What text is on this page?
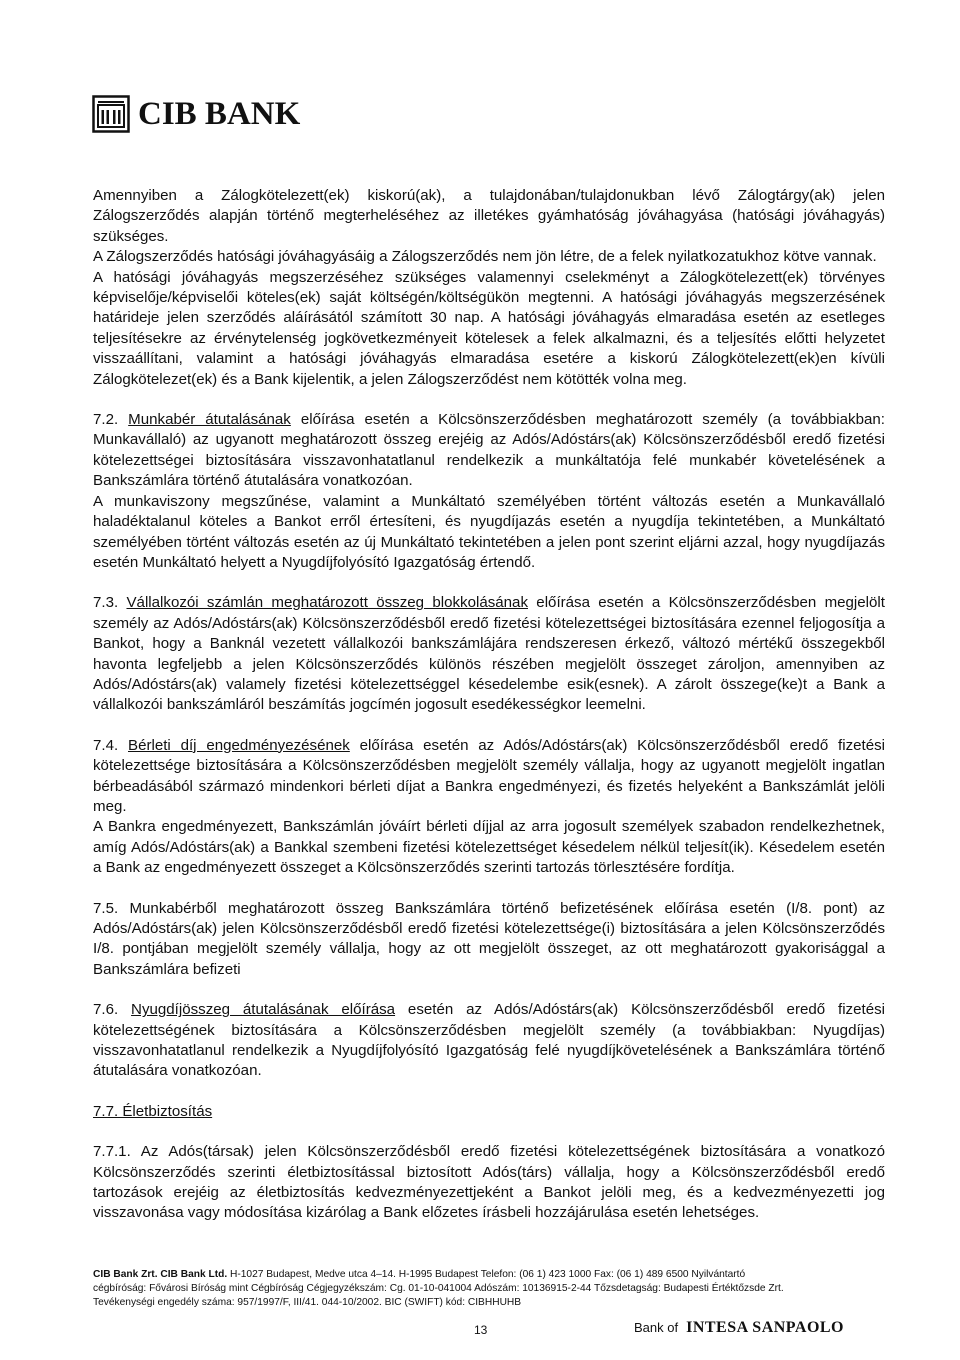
CIB BANK

Amennyiben a Zálogkötelezett(ek) kiskorú(ak), a tulajdonában/tulajdonukban lévő Zálogtárgy(ak) jelen Zálogszerződés alapján történő megterheléséhez az illetékes gyámhatóság jóváhagyása (hatósági jóváhagyás) szükséges.

A Zálogszerződés hatósági jóváhagyásáig a Zálogszerződés nem jön létre, de a felek nyilatkozatukhoz kötve vannak.

A hatósági jóváhagyás megszerzéséhez szükséges valamennyi cselekményt a Zálogkötelezett(ek) törvényes képviselője/képviselői köteles(ek) saját költségén/költségükön megtenni. A hatósági jóváhagyás megszerzésének határideje jelen szerződés aláírásától számított 30 nap. A hatósági jóváhagyás elmaradása esetén az esetleges teljesítésekre az érvénytelenség jogkövetkezményeit kötelesek a felek alkalmazni, és a teljesítés előtti helyzetet visszaállítani, valamint a hatósági jóváhagyás elmaradása esetére a kiskorú Zálogkötelezett(ek)en kívüli Zálogkötelezet(ek) és a Bank kijelentik, a jelen Zálogszerződést nem kötötték volna meg.

7.2. Munkabér átutalásának előírása esetén a Kölcsönszerződésben meghatározott személy (a továbbiakban: Munkavállaló) az ugyanott meghatározott összeg erejéig az Adós/Adóstárs(ak) Kölcsönszerződésből eredő fizetési kötelezettségei biztosítására visszavonhatatlanul rendelkezik a munkáltatója felé munkabér követelésének a Bankszámlára történő átutalására vonatkozóan.

A munkaviszony megszűnése, valamint a Munkáltató személyében történt változás esetén a Munkavállaló haladéktalanul köteles a Bankot erről értesíteni, és nyugdíjazás esetén a nyugdíja tekintetében, a Munkáltató személyében történt változás esetén az új Munkáltató tekintetében a jelen pont szerint eljárni azzal, hogy nyugdíjazás esetén Munkáltató helyett a Nyugdíjfolyósító Igazgatóság értendő.

7.3. Vállalkozói számlán meghatározott összeg blokkolásának előírása esetén a Kölcsönszerződésben megjelölt személy az Adós/Adóstárs(ak) Kölcsönszerződésből eredő fizetési kötelezettségei biztosítására ezennel feljogosítja a Bankot, hogy a Banknál vezetett vállalkozói bankszámlájára rendszeresen érkező, változó mértékű összegekből havonta legfeljebb a jelen Kölcsönszerződés különös részében megjelölt összeget zároljon, amennyiben az Adós/Adóstárs(ak) valamely fizetési kötelezettséggel késedelembe esik(esnek). A zárolt összege(ke)t a Bank a vállalkozói bankszámláról beszámítás jogcímén jogosult esedékességkor leemelni.

7.4. Bérleti díj engedményezésének előírása esetén az Adós/Adóstárs(ak) Kölcsönszerződésből eredő fizetési kötelezettsége biztosítására a Kölcsönszerződésben megjelölt személy vállalja, hogy az ugyanott megjelölt ingatlan bérbeadásából származó mindenkori bérleti díjat a Bankra engedményezi, és fizetés helyeként a Bankszámlát jelöli meg.

A Bankra engedményezett, Bankszámlán jóváírt bérleti díjjal az arra jogosult személyek szabadon rendelkezhetnek, amíg Adós/Adóstárs(ak) a Bankkal szembeni fizetési kötelezettséget késedelem nélkül teljesít(ik). Késedelem esetén a Bank az engedményezett összeget a Kölcsönszerződés szerinti tartozás törlesztésére fordítja.

7.5. Munkabérből meghatározott összeg Bankszámlára történő befizetésének előírása esetén (I/8. pont) az Adós/Adóstárs(ak) jelen Kölcsönszerződésből eredő fizetési kötelezettsége(i) biztosítására a jelen Kölcsönszerződés I/8. pontjában megjelölt személy vállalja, hogy az ott megjelölt összeget, az ott meghatározott gyakorisággal a Bankszámlára befizeti

7.6. Nyugdíjösszeg átutalásának előírása esetén az Adós/Adóstárs(ak) Kölcsönszerződésből eredő fizetési kötelezettségének biztosítására a Kölcsönszerződésben megjelölt személy (a továbbiakban: Nyugdíjas) visszavonhatatlanul rendelkezik a Nyugdíjfolyósító Igazgatóság felé nyugdíjkövetelésének a Bankszámlára történő átutalására vonatkozóan.

7.7. Életbiztosítás

7.7.1. Az Adós(társak) jelen Kölcsönszerződésből eredő fizetési kötelezettségének biztosítására a vonatkozó Kölcsönszerződés szerinti életbiztosítással biztosított Adós(társ) vállalja, hogy a Kölcsönszerződésből eredő tartozások erejéig az életbiztosítás kedvezményezettjeként a Bankot jelöli meg, és a kedvezményezetti jog visszavonása vagy módosítása kizárólag a Bank előzetes írásbeli hozzájárulása esetén lehetséges.

CIB Bank Zrt. CIB Bank Ltd. H-1027 Budapest, Medve utca 4–14. H-1995 Budapest Telefon: (06 1) 423 1000 Fax: (06 1) 489 6500 Nyilvántartó
cégbíróság: Fővárosi Bíróság mint Cégbíróság Cégjegyzékszám: Cg. 01-10-041004 Adószám: 10136915-2-44 Tőzsdetagság: Budapesti Értéktőzsde Zrt.
Tevékenységi engedély száma: 957/1997/F, III/41. 044-10/2002. BIC (SWIFT) kód: CIBHHUHB
13	Bank of INTESA SANPAOLO
